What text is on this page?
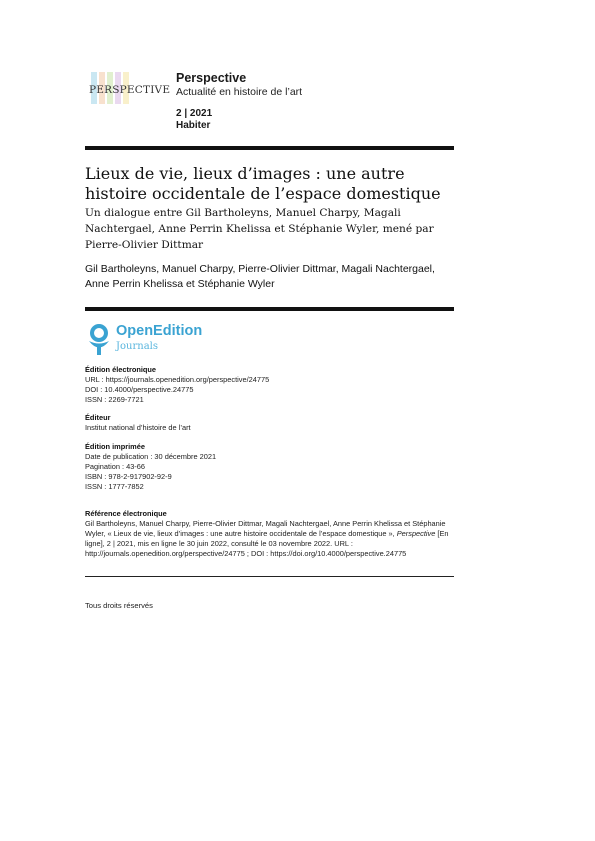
PERSPECTIVE
Perspective
Actualité en histoire de l’art
2 | 2021
Habiter
Lieux de vie, lieux d’images : une autre histoire occidentale de l’espace domestique
Un dialogue entre Gil Bartholeyns, Manuel Charpy, Magali Nachtergael, Anne Perrin Khelissa et Stéphanie Wyler, mené par Pierre-Olivier Dittmar
Gil Bartholeyns, Manuel Charpy, Pierre-Olivier Dittmar, Magali Nachtergael, Anne Perrin Khelissa et Stéphanie Wyler
OpenEdition
Journals
Édition électronique
URL : https://journals.openedition.org/perspective/24775
DOI : 10.4000/perspective.24775
ISSN : 2269-7721
Éditeur
Institut national d’histoire de l’art
Édition imprimée
Date de publication : 30 décembre 2021
Pagination : 43-66
ISBN : 978-2-917902-92-9
ISSN : 1777-7852
Référence électronique
Gil Bartholeyns, Manuel Charpy, Pierre-Olivier Dittmar, Magali Nachtergael, Anne Perrin Khelissa et Stéphanie Wyler, « Lieux de vie, lieux d’images : une autre histoire occidentale de l’espace domestique », Perspective [En ligne], 2 | 2021, mis en ligne le 30 juin 2022, consulté le 03 novembre 2022. URL : http://journals.openedition.org/perspective/24775 ; DOI : https://doi.org/10.4000/perspective.24775
Tous droits réservés
